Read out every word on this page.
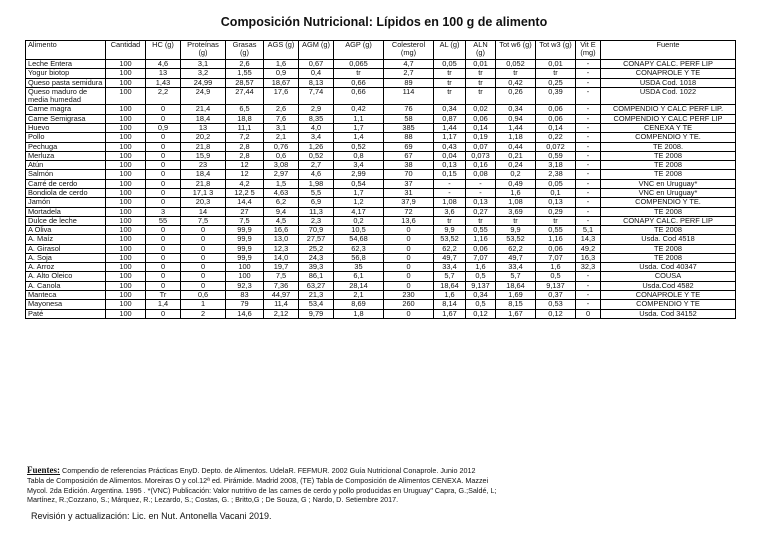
Composición Nutricional: Lípidos en 100 g de alimento
Alimento	Cantidad	HC (g)	Proteínas (g)	Grasas (g)	AGS (g)	AGM (g)	AGP (g)	Colesterol (mg)	AL (g)	ALN (g)	Tot w6 (g)	Tot w3 (g)	Vit E (mg)	Fuente
Leche Entera	100	4,6	3,1	2,6	1,6	0,67	0,065	4,7	0,05	0,01	0,052	0,01	-	CONAPY CALC. PERF LIP
Yogur biotop	100	13	3,2	1,55	0,9	0,4	tr	2,7	tr	tr	tr	tr	-	CONAPROLE Y TE
Queso pasta semidura	100	1,43	24,99	28,57	18,67	8,13	0,66	89	tr	tr	0,42	0,25	-	USDA Cod. 1018
Queso maduro de media humedad	100	2,2	24,9	27,44	17,6	7,74	0,66	114	tr	tr	0,26	0,39	-	USDA Cod. 1022
Carne magra	100	0	21,4	6,5	2,6	2,9	0,42	76	0,34	0,02	0,34	0,06	-	COMPENDIO Y CALC PERF LIP.
Carne Semigrasa	100	0	18,4	18,8	7,6	8,35	1,1	58	0,87	0,06	0,94	0,06	-	COMPENDIO Y CALC PERF LIP
Huevo	100	0,9	13	11,1	3,1	4,0	1,7	385	1,44	0,14	1,44	0,14	-	CENEXA Y TE
Pollo	100	0	20,2	7,2	2,1	3,4	1,4	88	1,17	0,19	1,18	0,22	-	COMPENDIO Y TE.
Pechuga	100	0	21,8	2,8	0,76	1,26	0,52	69	0,43	0,07	0,44	0,072	-	TE 2008.
Merluza	100	0	15,9	2,8	0,6	0,52	0,8	67	0,04	0,073	0,21	0,59	-	TE 2008
Atún	100	0	23	12	3,08	2,7	3,4	38	0,13	0,16	0,24	3,18	-	TE 2008
Salmón	100	0	18,4	12	2,97	4,6	2,99	70	0,15	0,08	0,2	2,38	-	TE 2008
Carré de cerdo	100	0	21,8	4,2	1,5	1,98	0,54	37	-	-	0,49	0,05	-	VNC en Uruguay*
Bondiola de cerdo	100	0	17,1 3	12,2 5	4,63	5,5	1,7	31	-	-	1,6	0,1	-	VNC en Uruguay*
Jamón	100	0	20,3	14,4	6,2	6,9	1,2	37,9	1,08	0,13	1,08	0,13	-	COMPENDIO Y TE.
Mortadela	100	3	14	27	9,4	11,3	4,17	72	3,6	0,27	3,69	0,29	-	TE 2008
Dulce de leche	100	55	7,5	7,5	4,5	2,3	0,2	13,6	tr	tr	tr	tr	-	CONAPY CALC. PERF LIP
A Oliva	100	0	0	99,9	16,6	70,9	10,5	0	9,9	0,55	9,9	0,55	5,1	TE 2008
A. Maíz	100	0	0	99,9	13,0	27,57	54,68	0	53,52	1,16	53,52	1,16	14,3	Usda. Cod 4518
A. Girasol	100	0	0	99,9	12,3	25,2	62,3	0	62,2	0,06	62,2	0,06	49,2	TE 2008
A. Soja	100	0	0	99,9	14,0	24,3	56,8	0	49,7	7,07	49,7	7,07	16,3	TE 2008
A. Arroz	100	0	0	100	19,7	39,3	35	0	33,4	1,6	33,4	1,6	32,3	Usda. Cod 40347
A. Alto Oleico	100	0	0	100	7,5	86,1	6,1	0	5,7	0,5	5,7	0,5	-	COUSA
A. Canola	100	0	0	92,3	7,36	63,27	28,14	0	18,64	9,137	18,64	9,137	-	Usda.Cod 4582
Manteca	100	Tr	0,6	83	44,97	21,3	2,1	230	1,6	0,34	1,69	0,37	-	CONAPROLE Y TE
Mayonesa	100	1,4	1	79	11,4	53,4	8,69	260	8,14	0,5	8,15	0,53	-	COMPENDIO Y TE
Paté	100	0	2	14,6	2,12	9,79	1,8	0	1,67	0,12	1,67	0,12	0	Usda. Cod 34152
Fuentes: Compendio de referencias Prácticas EnyD. Depto. de Alimentos. UdelaR. FEFMUR. 2002 Guía Nutricional Conaprole. Junio 2012
Tabla de Composición de Alimentos. Moreiras O y col.12ª ed. Pirámide. Madrid 2008, (TE) Tabla de Composición de Alimentos CENEXA. Mazzei
Mycol. 2da Edición. Argentina. 1995 . *(VNC) Publicación: Valor nutritivo de las carnes de cerdo y pollo producidas en Uruguay" Capra, G.;Saldé, L;
Martínez, R.;Cozzano, S.; Márquez, R.; Lezardo, S.; Costas, G. ; Britto,G ; De Souza, G ; Nardo, D. Setiembre 2017.
Revisión y actualización: Lic. en Nut. Antonella Vacani 2019.
